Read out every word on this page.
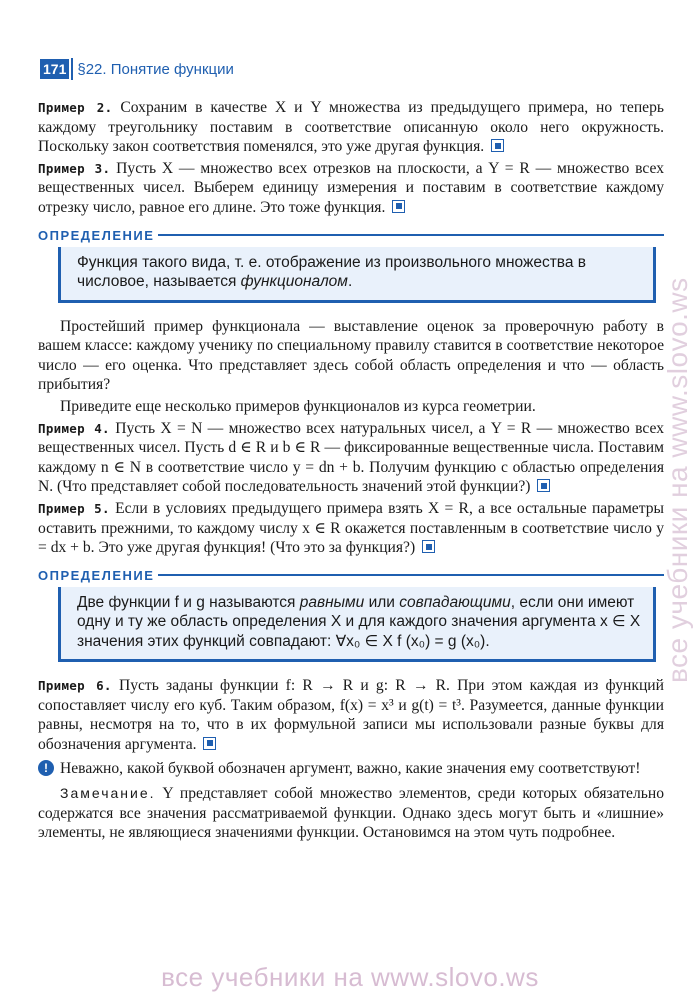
171 §22. Понятие функции

Пример 2. Сохраним в качестве X и Y множества из предыдущего примера, но теперь каждому треугольнику поставим в соответствие описанную около него окружность. Поскольку закон соответствия поменялся, это уже другая функция.

Пример 3. Пусть X — множество всех отрезков на плоскости, а Y = R — множество всех вещественных чисел. Выберем единицу измерения и поставим в соответствие каждому отрезку число, равное его длине. Это тоже функция.

ОПРЕДЕЛЕНИЕ
Функция такого вида, т. е. отображение из произвольного множества в числовое, называется функционалом.

Простейший пример функционала — выставление оценок за проверочную работу в вашем классе: каждому ученику по специальному правилу ставится в соответствие некоторое число — его оценка. Что представляет здесь собой область определения и что — область прибытия?

Приведите еще несколько примеров функционалов из курса геометрии.

Пример 4. Пусть X = N — множество всех натуральных чисел, а Y = R — множество всех вещественных чисел. Пусть d ∈ R и b ∈ R — фиксированные вещественные числа. Поставим каждому n ∈ N в соответствие число y = dn + b. Получим функцию с областью определения N. (Что представляет собой последовательность значений этой функции?)

Пример 5. Если в условиях предыдущего примера взять X = R, а все остальные параметры оставить прежними, то каждому числу x ∈ R окажется поставленным в соответствие число y = dx + b. Это уже другая функция! (Что это за функция?)

ОПРЕДЕЛЕНИЕ
Две функции f и g называются равными или совпадающими, если они имеют одну и ту же область определения X и для каждого значения аргумента x ∈ X значения этих функций совпадают: ∀x₀ ∈ X f (x₀) = g (x₀).

Пример 6. Пусть заданы функции f: R → R и g: R → R. При этом каждая из функций сопоставляет числу его куб. Таким образом, f(x) = x³ и g(t) = t³. Разумеется, данные функции равны, несмотря на то, что в их формульной записи мы использовали разные буквы для обозначения аргумента.

! Неважно, какой буквой обозначен аргумент, важно, какие значения ему соответствуют!

Замечание. Y представляет собой множество элементов, среди которых обязательно содержатся все значения рассматриваемой функции. Однако здесь могут быть и «лишние» элементы, не являющиеся значениями функции. Остановимся на этом чуть подробнее.

все учебники на www.slovo.ws
все учебники на www.slovo.ws
